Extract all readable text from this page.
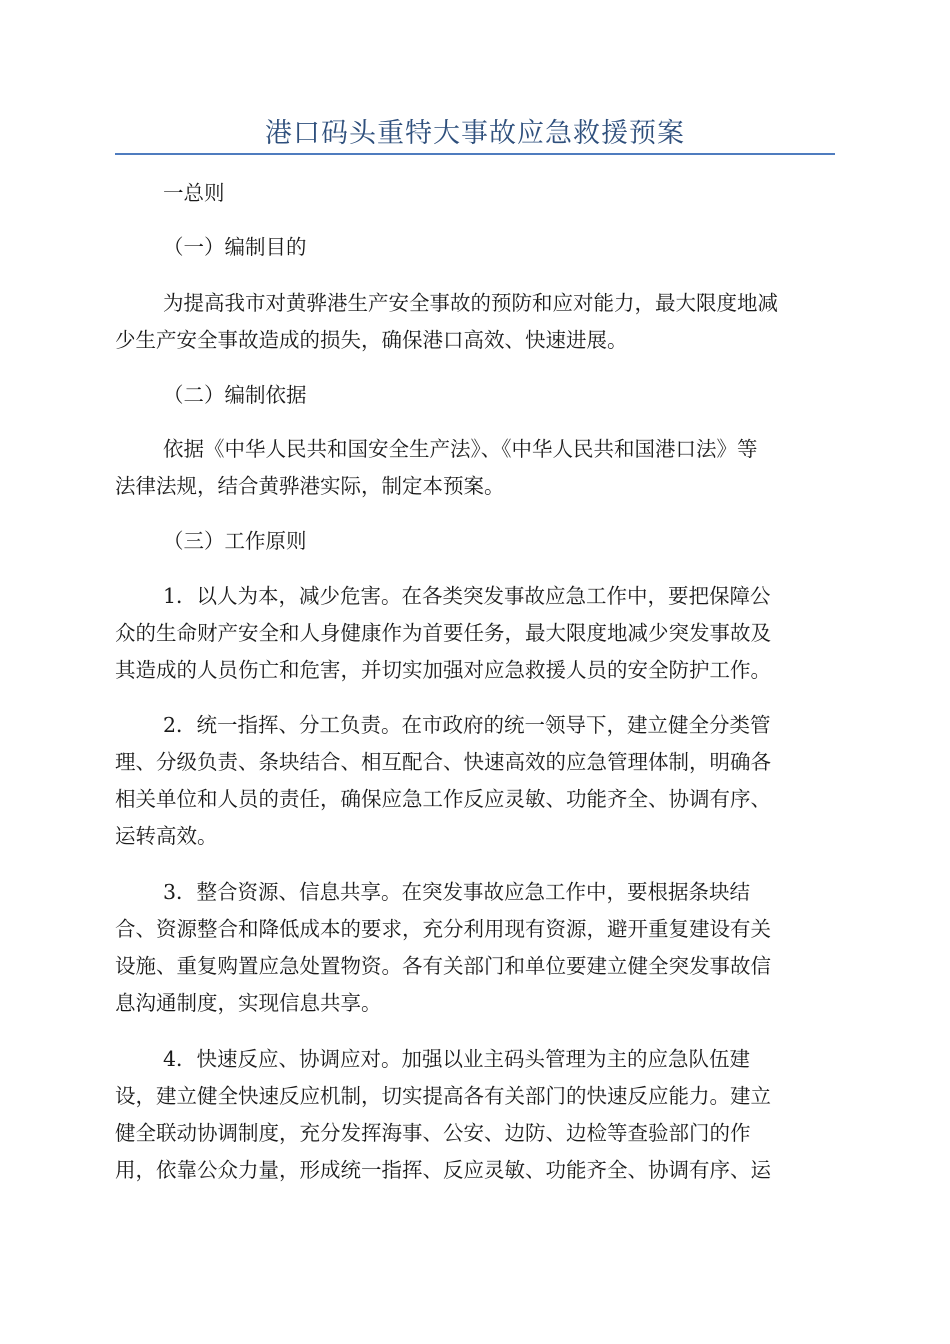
港口码头重特大事故应急救援预案

一总则

（一）编制目的

为提高我市对黄骅港生产安全事故的预防和应对能力，最大限度地减
少生产安全事故造成的损失，确保港口高效、快速进展。

（二）编制依据

依据《中华人民共和国安全生产法》、《中华人民共和国港口法》等
法律法规，结合黄骅港实际，制定本预案。

（三）工作原则

1．以人为本，减少危害。在各类突发事故应急工作中，要把保障公
众的生命财产安全和人身健康作为首要任务，最大限度地减少突发事故及
其造成的人员伤亡和危害，并切实加强对应急救援人员的安全防护工作。

2．统一指挥、分工负责。在市政府的统一领导下，建立健全分类管
理、分级负责、条块结合、相互配合、快速高效的应急管理体制，明确各
相关单位和人员的责任，确保应急工作反应灵敏、功能齐全、协调有序、
运转高效。

3．整合资源、信息共享。在突发事故应急工作中，要根据条块结
合、资源整合和降低成本的要求，充分利用现有资源，避开重复建设有关
设施、重复购置应急处置物资。各有关部门和单位要建立健全突发事故信
息沟通制度，实现信息共享。

4．快速反应、协调应对。加强以业主码头管理为主的应急队伍建
设，建立健全快速反应机制，切实提高各有关部门的快速反应能力。建立
健全联动协调制度，充分发挥海事、公安、边防、边检等查验部门的作
用，依靠公众力量，形成统一指挥、反应灵敏、功能齐全、协调有序、运
